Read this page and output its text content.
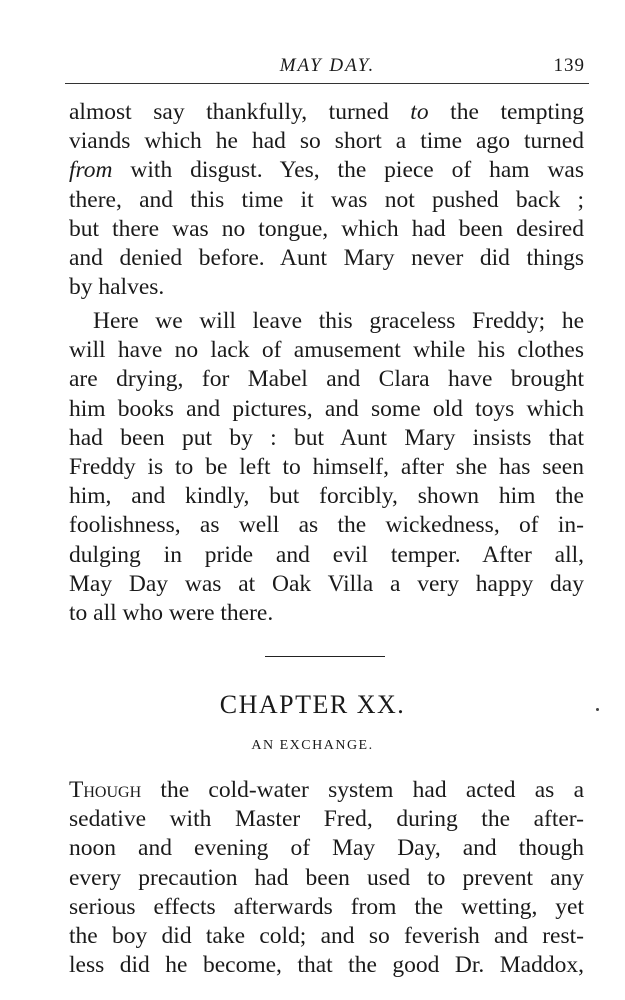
MAY DAY.	139
almost say thankfully, turned to the tempting
viands which he had so short a time ago turned
from with disgust. Yes, the piece of ham was
there, and this time it was not pushed back ;
but there was no tongue, which had been desired
and denied before. Aunt Mary never did things
by halves.
Here we will leave this graceless Freddy; he
will have no lack of amusement while his clothes
are drying, for Mabel and Clara have brought
him books and pictures, and some old toys which
had been put by : but Aunt Mary insists that
Freddy is to be left to himself, after she has seen
him, and kindly, but forcibly, shown him the
foolishness, as well as the wickedness, of in-
dulging in pride and evil temper. After all,
May Day was at Oak Villa a very happy day
to all who were there.
CHAPTER XX.
AN EXCHANGE.
Though the cold-water system had acted as a
sedative with Master Fred, during the after-
noon and evening of May Day, and though
every precaution had been used to prevent any
serious effects afterwards from the wetting, yet
the boy did take cold; and so feverish and rest-
less did he become, that the good Dr. Maddox,
